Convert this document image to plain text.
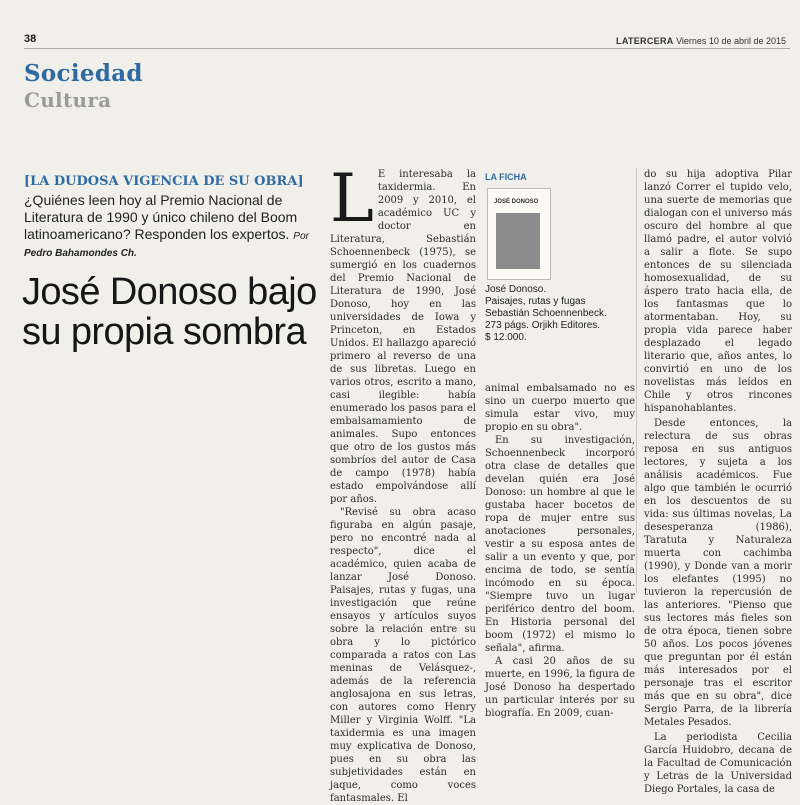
38	LATERCERA Viernes 10 de abril de 2015
Sociedad
Cultura
[LA DUDOSA VIGENCIA DE SU OBRA]
¿Quiénes leen hoy al Premio Nacional de Literatura de 1990 y único chileno del Boom latinoamericano? Responden los expertos. Por Pedro Bahamondes Ch.
José Donoso bajo su propia sombra
L E interesaba la taxidermia. En 2009 y 2010, el académico UC y doctor en Literatura, Sebastián Schoennenbeck (1975), se sumergió en los cuadernos del Premio Nacional de Literatura de 1990, José Donoso, hoy en las universidades de Iowa y Princeton, en Estados Unidos. El hallazgo apareció primero al reverso de una de sus libretas. Luego en varios otros, escrito a mano, casi ilegible: había enumerado los pasos para el embalsamamiento de animales. Supo entonces que otro de los gustos más sombríos del autor de Casa de campo (1978) había estado empolvándose allí por años.

"Revisé su obra acaso figuraba en algún pasaje, pero no encontré nada al respecto", dice el académico, quien acaba de lanzar José Donoso. Paisajes, rutas y fugas, una investigación que reúne ensayos y artículos suyos sobre la relación entre su obra y lo pictórico comparada a ratos con Las meninas de Velásquez-, además de la referencia anglosajona en sus letras, con autores como Henry Miller y Virginia Wolff. "La taxidermia es una imagen muy explicativa de Donoso, pues en su obra las subjetividades están en jaque, como voces fantasmales. El

LA FICHA
JOSÉ DONOSO
José Donoso.
Paisajes, rutas y fugas
Sebastián Schoennenbeck.
273 págs. Orjikh Editores.
$ 12.000.

animal embalsamado no es sino un cuerpo muerto que simula estar vivo, muy propio en su obra".

En su investigación, Schoennenbeck incorporó otra clase de detalles que develan quién era José Donoso: un hombre al que le gustaba hacer bocetos de ropa de mujer entre sus anotaciones personales, vestir a su esposa antes de salir a un evento y que, por encima de todo, se sentía incómodo en su época. "Siempre tuvo un lugar periférico dentro del boom. En Historia personal del boom (1972) el mismo lo señala", afirma.

A casi 20 años de su muerte, en 1996, la figura de José Donoso ha despertado un particular interés por su biografía. En 2009, cuan-

do su hija adoptiva Pilar lanzó Correr el tupido velo, una suerte de memorias que dialogan con el universo más oscuro del hombre al que llamó padre, el autor volvió a salir a flote. Se supo entonces de su silenciada homosexualidad, de su áspero trato hacia ella, de los fantasmas que lo atormentaban. Hoy, su propia vida parece haber desplazado el legado literario que, años antes, lo convirtió en uno de los novelistas más leídos en Chile y otros rincones hispanohablantes.

Desde entonces, la relectura de sus obras reposa en sus antiguos lectores, y sujeta a los análisis académicos. Fue algo que también le ocurrió en los descuentos de su vida: sus últimas novelas, La desesperanza (1986), Taratuta y Naturaleza muerta con cachimba (1990), y Donde van a morir los elefantes (1995) no tuvieron la repercusión de las anteriores. "Pienso que sus lectores más fieles son de otra época, tienen sobre 50 años. Los pocos jóvenes que preguntan por él están más interesados por el personaje tras el escritor más que en su obra", dice Sergio Parra, de la librería Metales Pesados.

La periodista Cecilia García Huidobro, decana de la Facultad de Comunicación y Letras de la Universidad Diego Portales, la casa de
